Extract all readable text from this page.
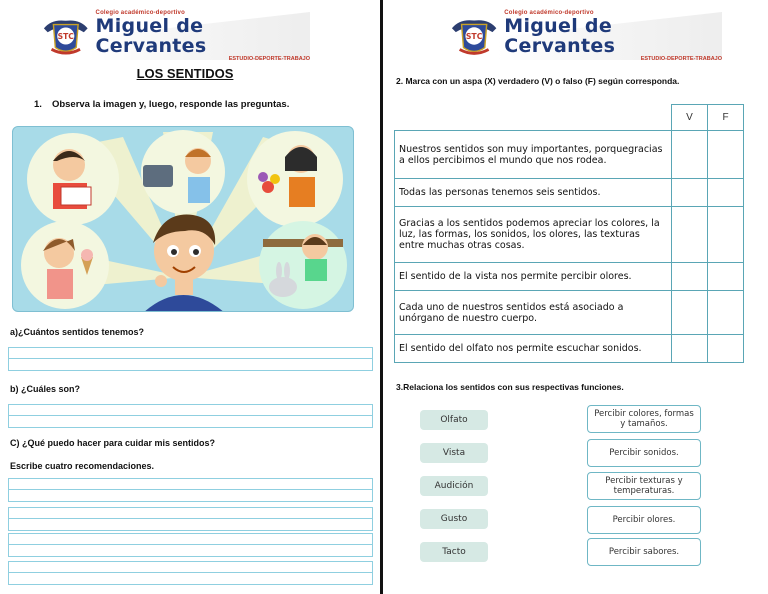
STC
Colegio académico-deportivo
Miguel de Cervantes
ESTUDIO-DEPORTE-TRABAJO
LOS SENTIDOS
1. Observa la imagen y, luego, responde las preguntas.
a)¿Cuántos sentidos tenemos?
b) ¿Cuáles son?
C) ¿Qué puedo hacer para cuidar mis sentidos?
Escribe cuatro recomendaciones.
STC
Colegio académico-deportivo
Miguel de Cervantes
ESTUDIO-DEPORTE-TRABAJO
2. Marca con un aspa (X) verdadero (V) o falso (F) según corresponda.
	V	F
Nuestros sentidos son muy importantes, porquegracias a ellos percibimos el mundo que nos rodea.		
Todas las personas tenemos seis sentidos.		
Gracias a los sentidos podemos apreciar los colores, la luz, las formas, los sonidos, los olores, las texturas entre muchas otras cosas.		
El sentido de la vista nos permite percibir olores.		
Cada uno de nuestros sentidos está asociado a unórgano de nuestro cuerpo.		
El sentido del olfato nos permite escuchar sonidos.		
3.Relaciona los sentidos con sus respectivas funciones.
Olfato
Vista
Audición
Gusto
Tacto
Percibir colores, formas y tamaños.
Percibir sonidos.
Percibir texturas y temperaturas.
Percibir olores.
Percibir sabores.
